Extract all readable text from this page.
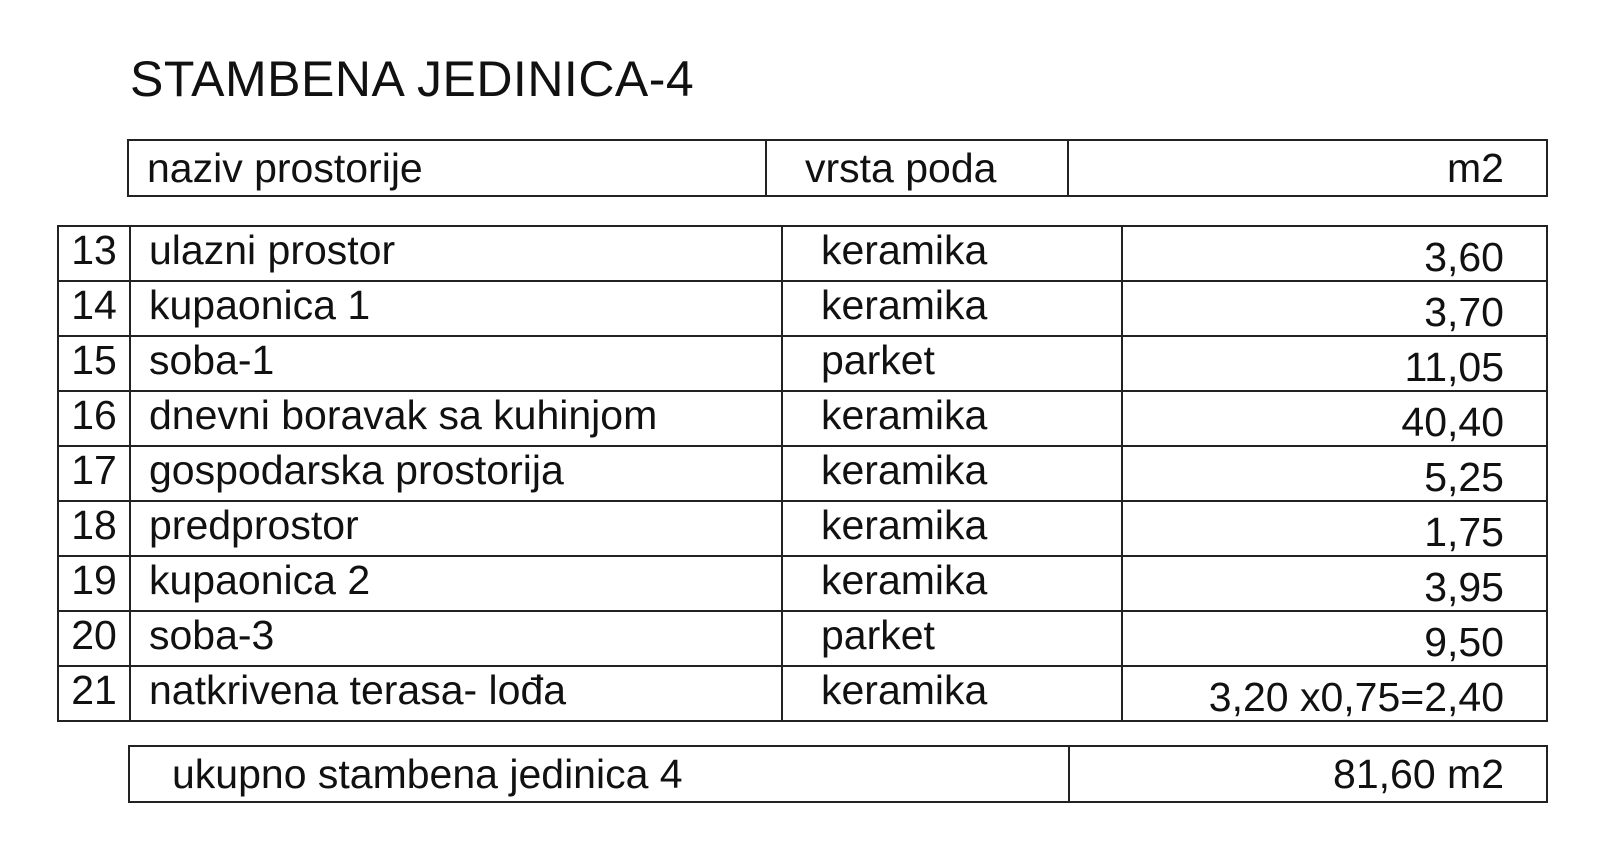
STAMBENA JEDINICA-4
naziv prostorije	vrsta poda	m2
13	ulazni prostor	keramika	3,60
14	kupaonica 1	keramika	3,70
15	soba-1	parket	11,05
16	dnevni boravak sa kuhinjom	keramika	40,40
17	gospodarska prostorija	keramika	5,25
18	predprostor	keramika	1,75
19	kupaonica 2	keramika	3,95
20	soba-3	parket	9,50
21	natkrivena terasa- lođa	keramika	3,20 x0,75=2,40
ukupno stambena jedinica 4	81,60 m2
